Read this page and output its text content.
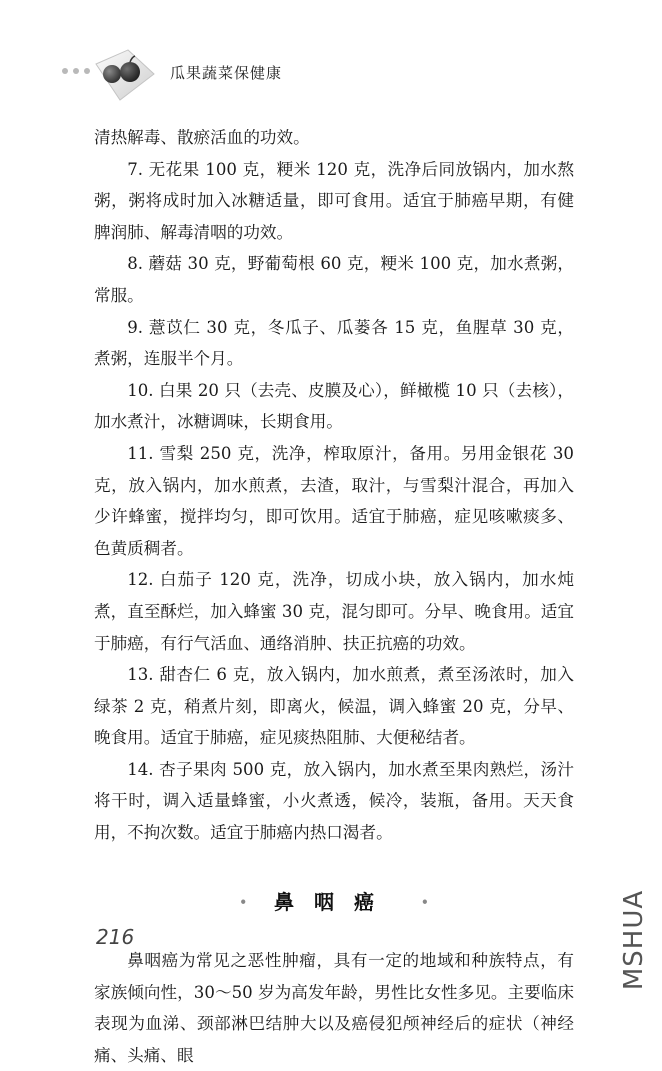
瓜果蔬菜保健康

清热解毒、散瘀活血的功效。

7. 无花果 100 克，粳米 120 克，洗净后同放锅内，加水熬粥，粥将成时加入冰糖适量，即可食用。适宜于肺癌早期，有健脾润肺、解毒清咽的功效。

8. 蘑菇 30 克，野葡萄根 60 克，粳米 100 克，加水煮粥，常服。

9. 薏苡仁 30 克，冬瓜子、瓜蒌各 15 克，鱼腥草 30 克，煮粥，连服半个月。

10. 白果 20 只（去壳、皮膜及心），鲜橄榄 10 只（去核），加水煮汁，冰糖调味，长期食用。

11. 雪梨 250 克，洗净，榨取原汁，备用。另用金银花 30 克，放入锅内，加水煎煮，去渣，取汁，与雪梨汁混合，再加入少许蜂蜜，搅拌均匀，即可饮用。适宜于肺癌，症见咳嗽痰多、色黄质稠者。

12. 白茄子 120 克，洗净，切成小块，放入锅内，加水炖煮，直至酥烂，加入蜂蜜 30 克，混匀即可。分早、晚食用。适宜于肺癌，有行气活血、通络消肿、扶正抗癌的功效。

13. 甜杏仁 6 克，放入锅内，加水煎煮，煮至汤浓时，加入绿茶 2 克，稍煮片刻，即离火，候温，调入蜂蜜 20 克，分早、晚食用。适宜于肺癌，症见痰热阻肺、大便秘结者。

14. 杏子果肉 500 克，放入锅内，加水煮至果肉熟烂，汤汁将干时，调入适量蜂蜜，小火煮透，候冷，装瓶，备用。天天食用，不拘次数。适宜于肺癌内热口渴者。

• 鼻咽癌 •

鼻咽癌为常见之恶性肿瘤，具有一定的地域和种族特点，有家族倾向性，30～50 岁为高发年龄，男性比女性多见。主要临床表现为血涕、颈部淋巴结肿大以及癌侵犯颅神经后的症状（神经痛、头痛、眼

216	MSHUA
